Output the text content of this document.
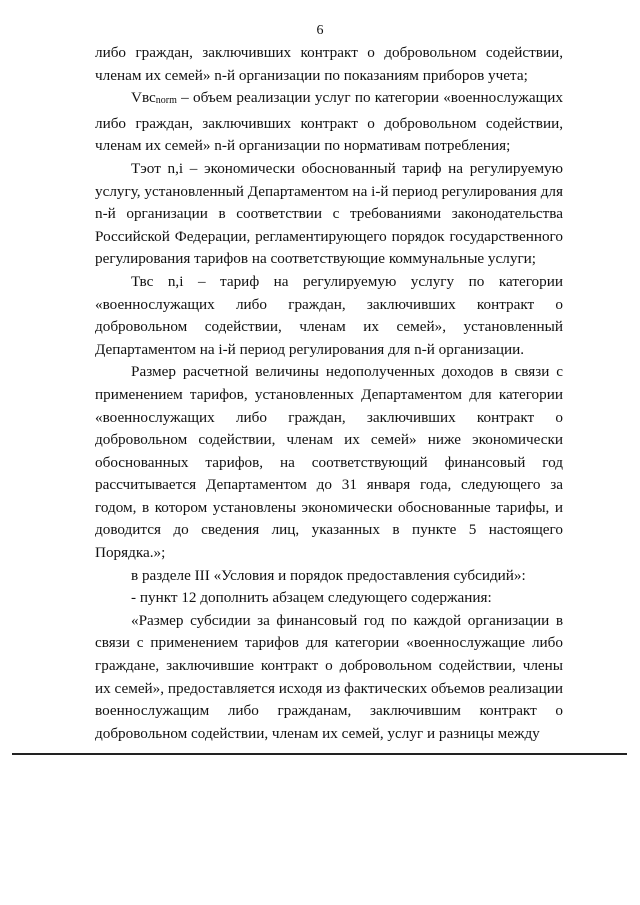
6

либо граждан, заключивших контракт о добровольном содействии, членам их семей» n-й организации по показаниям приборов учета;

Vвс$_{norm}$ – объем реализации услуг по категории «военнослужащих либо граждан, заключивших контракт о добровольном содействии, членам их семей» n-й организации по нормативам потребления;

Тэот n,i – экономически обоснованный тариф на регулируемую услугу, установленный Департаментом на i-й период регулирования для n-й организации в соответствии с требованиями законодательства Российской Федерации, регламентирующего порядок государственного регулирования тарифов на соответствующие коммунальные услуги;

Твс n,i – тариф на регулируемую услугу по категории «военнослужащих либо граждан, заключивших контракт о добровольном содействии, членам их семей», установленный Департаментом на i-й период регулирования для n-й организации.

Размер расчетной величины недополученных доходов в связи с применением тарифов, установленных Департаментом для категории «военнослужащих либо граждан, заключивших контракт о добровольном содействии, членам их семей» ниже экономически обоснованных тарифов, на соответствующий финансовый год рассчитывается Департаментом до 31 января года, следующего за годом, в котором установлены экономически обоснованные тарифы, и доводится до сведения лиц, указанных в пункте 5 настоящего Порядка.»;

в разделе III «Условия и порядок предоставления субсидий»:

- пункт 12 дополнить абзацем следующего содержания:

«Размер субсидии за финансовый год по каждой организации в связи с применением тарифов для категории «военнослужащие либо граждане, заключившие контракт о добровольном содействии, члены их семей», предоставляется исходя из фактических объемов реализации военнослужащим либо гражданам, заключившим контракт о добровольном содействии, членам их семей, услуг и разницы между
